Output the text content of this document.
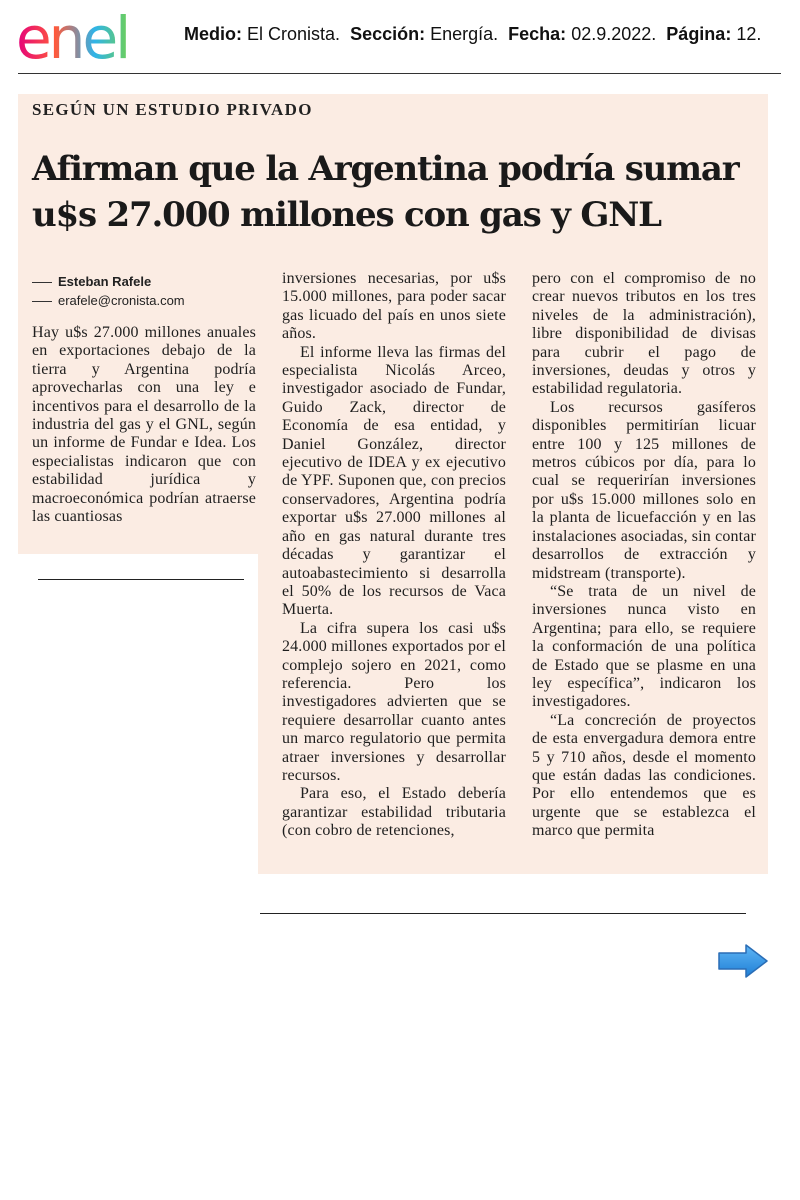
enel	Medio: El Cronista. Sección: Energía. Fecha: 02.9.2022. Página: 12.
SEGÚN UN ESTUDIO PRIVADO
Afirman que la Argentina podría sumar
u$s 27.000 millones con gas y GNL
Esteban Rafele
erafele@cronista.com

Hay u$s 27.000 millones anuales en exportaciones debajo de la tierra y Argentina podría aprovecharlas con una ley e incentivos para el desarrollo de la industria del gas y el GNL, según un informe de Fundar e Idea. Los especialistas indicaron que con estabilidad jurídica y macroeconómica podrían atraerse las cuantiosas

inversiones necesarias, por u$s 15.000 millones, para poder sacar gas licuado del país en unos siete años.

El informe lleva las firmas del especialista Nicolás Arceo, investigador asociado de Fundar, Guido Zack, director de Economía de esa entidad, y Daniel González, director ejecutivo de IDEA y ex ejecutivo de YPF. Suponen que, con precios conservadores, Argentina podría exportar u$s 27.000 millones al año en gas natural durante tres décadas y garantizar el autoabastecimiento si desarrolla el 50% de los recursos de Vaca Muerta.

La cifra supera los casi u$s 24.000 millones exportados por el complejo sojero en 2021, como referencia. Pero los investigadores advierten que se requiere desarrollar cuanto antes un marco regulatorio que permita atraer inversiones y desarrollar recursos.

Para eso, el Estado debería garantizar estabilidad tributaria (con cobro de retenciones,

pero con el compromiso de no crear nuevos tributos en los tres niveles de la administración), libre disponibilidad de divisas para cubrir el pago de inversiones, deudas y otros y estabilidad regulatoria.

Los recursos gasíferos disponibles permitirían licuar entre 100 y 125 millones de metros cúbicos por día, para lo cual se requerirían inversiones por u$s 15.000 millones solo en la planta de licuefacción y en las instalaciones asociadas, sin contar desarrollos de extracción y midstream (transporte).

“Se trata de un nivel de inversiones nunca visto en Argentina; para ello, se requiere la conformación de una política de Estado que se plasme en una ley específica”, indicaron los investigadores.

“La concreción de proyectos de esta envergadura demora entre 5 y 710 años, desde el momento que están dadas las condiciones. Por ello entendemos que es urgente que se establezca el marco que permita
